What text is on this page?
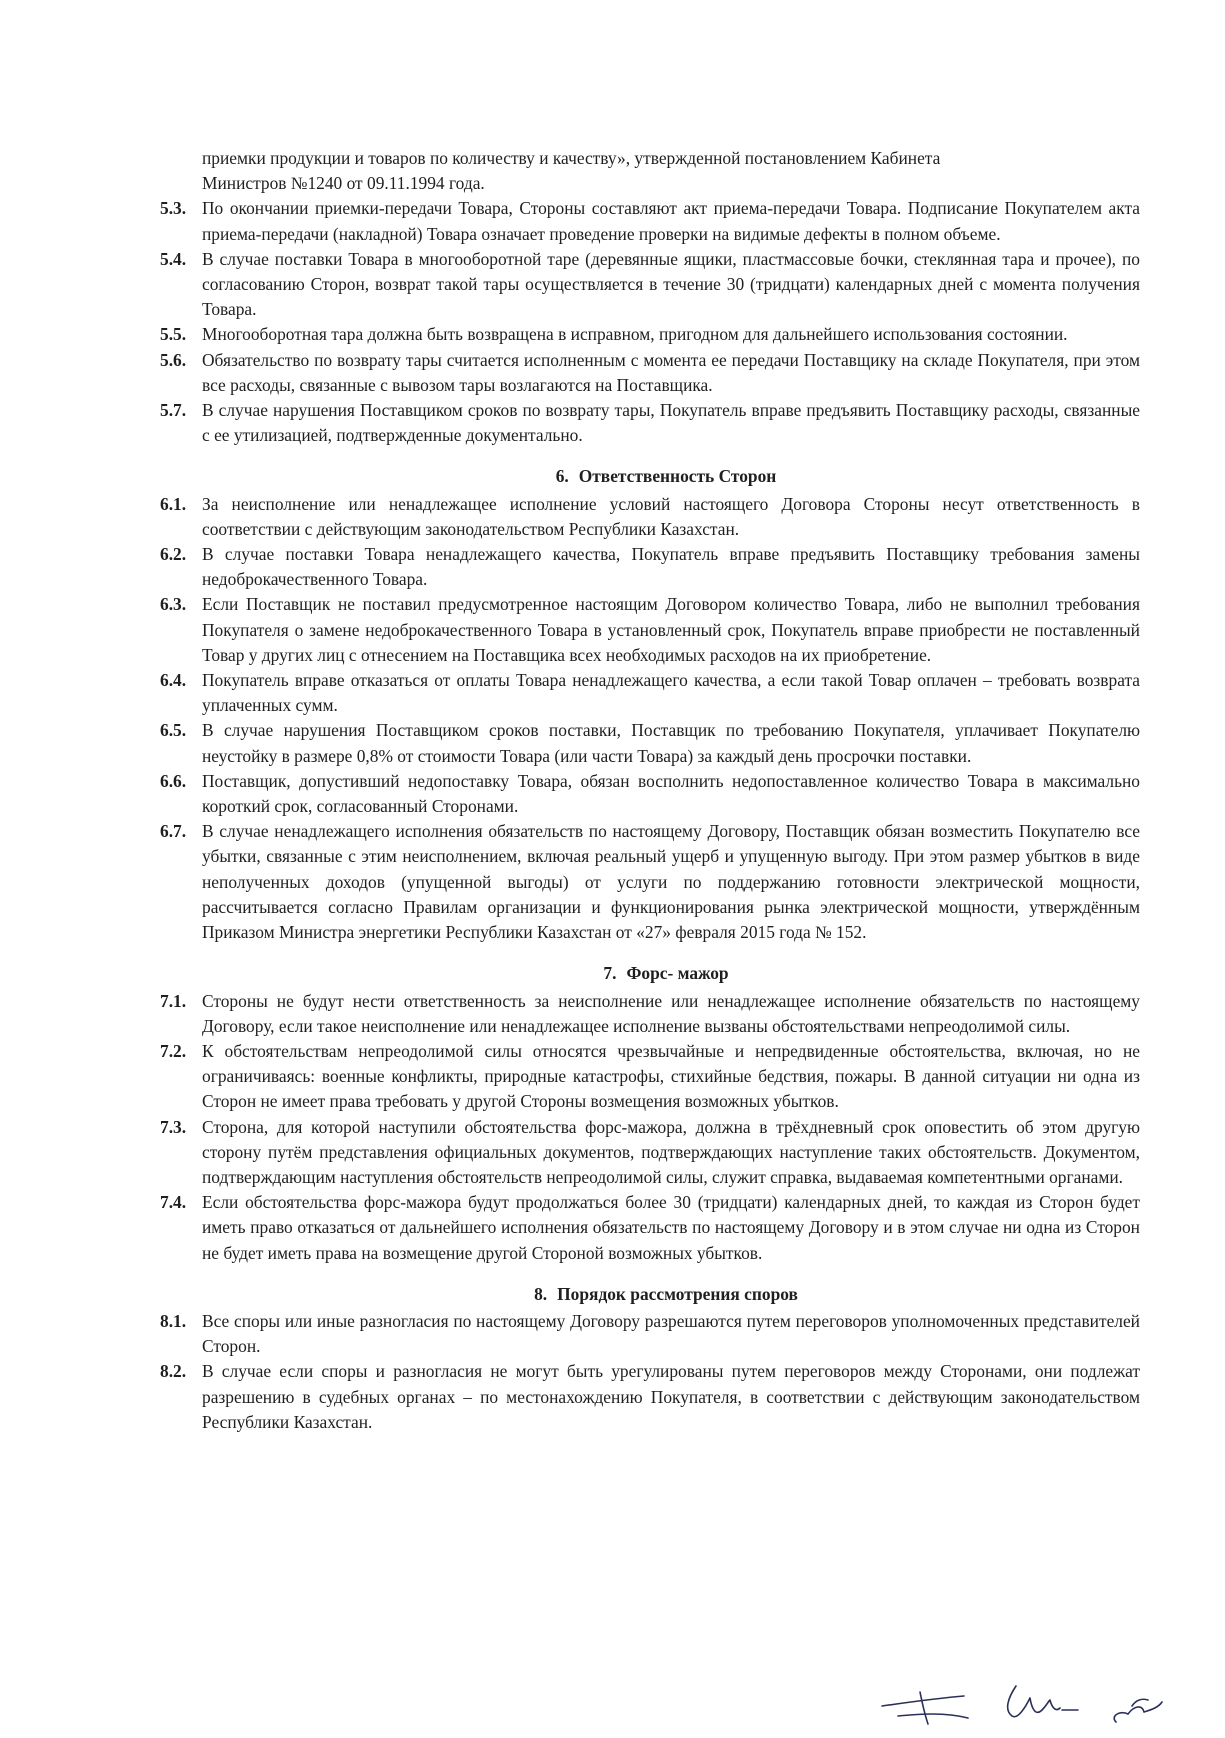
приемки продукции и товаров по количеству и качеству», утвержденной постановлением Кабинета
Министров №1240 от 09.11.1994 года.
5.3. По окончании приемки-передачи Товара, Стороны составляют акт приема-передачи Товара. Подписание Покупателем акта приема-передачи (накладной) Товара означает проведение проверки на видимые дефекты в полном объеме.
5.4. В случае поставки Товара в многооборотной таре (деревянные ящики, пластмассовые бочки, стеклянная тара и прочее), по согласованию Сторон, возврат такой тары осуществляется в течение 30 (тридцати) календарных дней с момента получения Товара.
5.5. Многооборотная тара должна быть возвращена в исправном, пригодном для дальнейшего использования состоянии.
5.6. Обязательство по возврату тары считается исполненным с момента ее передачи Поставщику на складе Покупателя, при этом все расходы, связанные с вывозом тары возлагаются на Поставщика.
5.7. В случае нарушения Поставщиком сроков по возврату тары, Покупатель вправе предъявить Поставщику расходы, связанные с ее утилизацией, подтвержденные документально.
6. Ответственность Сторон
6.1. За неисполнение или ненадлежащее исполнение условий настоящего Договора Стороны несут ответственность в соответствии с действующим законодательством Республики Казахстан.
6.2. В случае поставки Товара ненадлежащего качества, Покупатель вправе предъявить Поставщику требования замены недоброкачественного Товара.
6.3. Если Поставщик не поставил предусмотренное настоящим Договором количество Товара, либо не выполнил требования Покупателя о замене недоброкачественного Товара в установленный срок, Покупатель вправе приобрести не поставленный Товар у других лиц с отнесением на Поставщика всех необходимых расходов на их приобретение.
6.4. Покупатель вправе отказаться от оплаты Товара ненадлежащего качества, а если такой Товар оплачен – требовать возврата уплаченных сумм.
6.5. В случае нарушения Поставщиком сроков поставки, Поставщик по требованию Покупателя, уплачивает Покупателю неустойку в размере 0,8% от стоимости Товара (или части Товара) за каждый день просрочки поставки.
6.6. Поставщик, допустивший недопоставку Товара, обязан восполнить недопоставленное количество Товара в максимально короткий срок, согласованный Сторонами.
6.7. В случае ненадлежащего исполнения обязательств по настоящему Договору, Поставщик обязан возместить Покупателю все убытки, связанные с этим неисполнением, включая реальный ущерб и упущенную выгоду. При этом размер убытков в виде неполученных доходов (упущенной выгоды) от услуги по поддержанию готовности электрической мощности, рассчитывается согласно Правилам организации и функционирования рынка электрической мощности, утверждённым Приказом Министра энергетики Республики Казахстан от «27» февраля 2015 года № 152.
7. Форс- мажор
7.1. Стороны не будут нести ответственность за неисполнение или ненадлежащее исполнение обязательств по настоящему Договору, если такое неисполнение или ненадлежащее исполнение вызваны обстоятельствами непреодолимой силы.
7.2. К обстоятельствам непреодолимой силы относятся чрезвычайные и непредвиденные обстоятельства, включая, но не ограничиваясь: военные конфликты, природные катастрофы, стихийные бедствия, пожары. В данной ситуации ни одна из Сторон не имеет права требовать у другой Стороны возмещения возможных убытков.
7.3. Сторона, для которой наступили обстоятельства форс-мажора, должна в трёхдневный срок оповестить об этом другую сторону путём представления официальных документов, подтверждающих наступление таких обстоятельств. Документом, подтверждающим наступления обстоятельств непреодолимой силы, служит справка, выдаваемая компетентными органами.
7.4. Если обстоятельства форс-мажора будут продолжаться более 30 (тридцати) календарных дней, то каждая из Сторон будет иметь право отказаться от дальнейшего исполнения обязательств по настоящему Договору и в этом случае ни одна из Сторон не будет иметь права на возмещение другой Стороной возможных убытков.
8. Порядок рассмотрения споров
8.1. Все споры или иные разногласия по настоящему Договору разрешаются путем переговоров уполномоченных представителей Сторон.
8.2. В случае если споры и разногласия не могут быть урегулированы путем переговоров между Сторонами, они подлежат разрешению в судебных органах – по местонахождению Покупателя, в соответствии с действующим законодательством Республики Казахстан.
